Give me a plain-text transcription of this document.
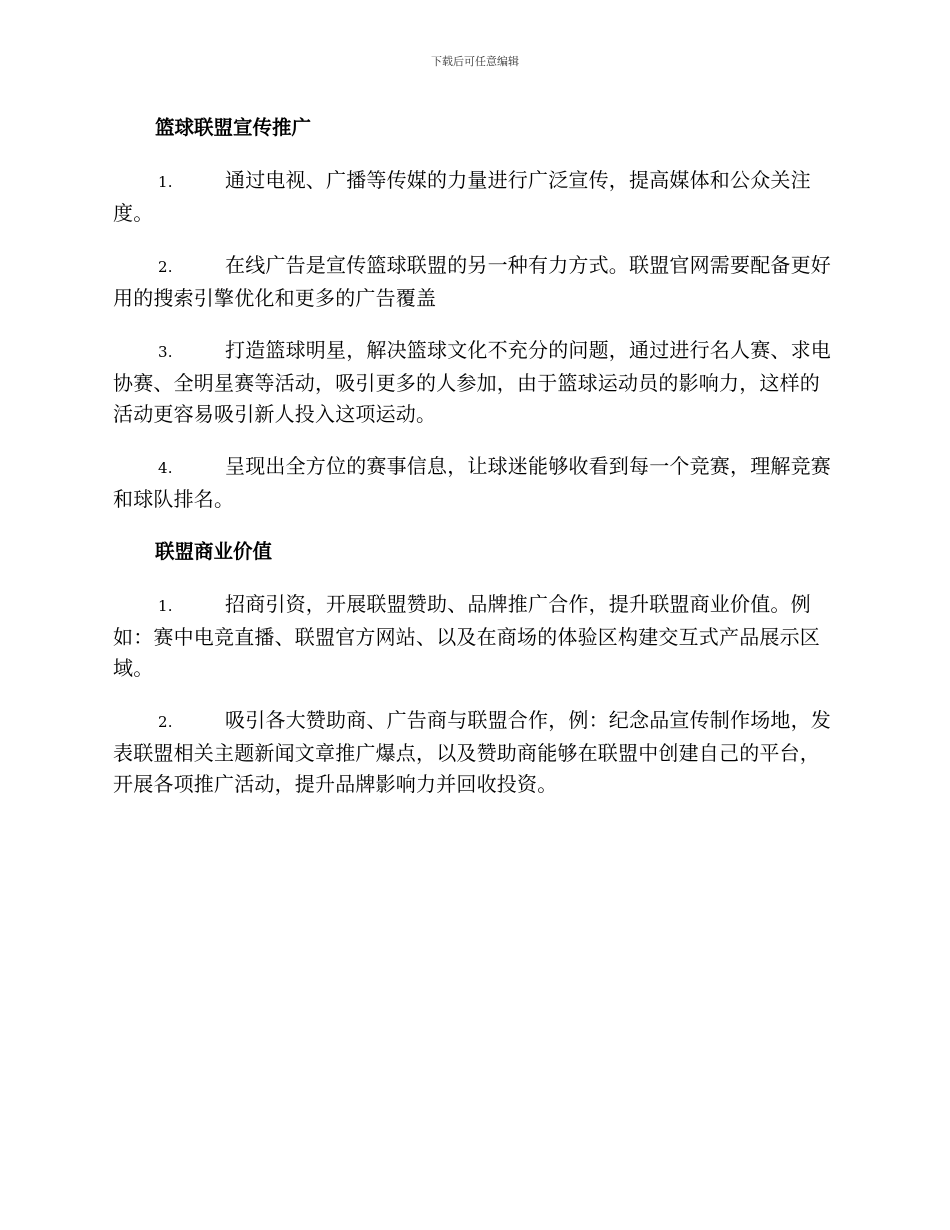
下载后可任意编辑
篮球联盟宣传推广

1.	通过电视、广播等传媒的力量进行广泛宣传，提高媒体和公众关注度。

2.	在线广告是宣传篮球联盟的另一种有力方式。联盟官网需要配备更好用的搜索引擎优化和更多的广告覆盖

3.	打造篮球明星，解决篮球文化不充分的问题，通过进行名人赛、求电协赛、全明星赛等活动，吸引更多的人参加，由于篮球运动员的影响力，这样的活动更容易吸引新人投入这项运动。

4.	呈现出全方位的赛事信息，让球迷能够收看到每一个竞赛，理解竞赛和球队排名。

联盟商业价值

1.	招商引资，开展联盟赞助、品牌推广合作，提升联盟商业价值。例如：赛中电竞直播、联盟官方网站、以及在商场的体验区构建交互式产品展示区域。

2.	吸引各大赞助商、广告商与联盟合作，例：纪念品宣传制作场地，发表联盟相关主题新闻文章推广爆点，以及赞助商能够在联盟中创建自己的平台，开展各项推广活动，提升品牌影响力并回收投资。
